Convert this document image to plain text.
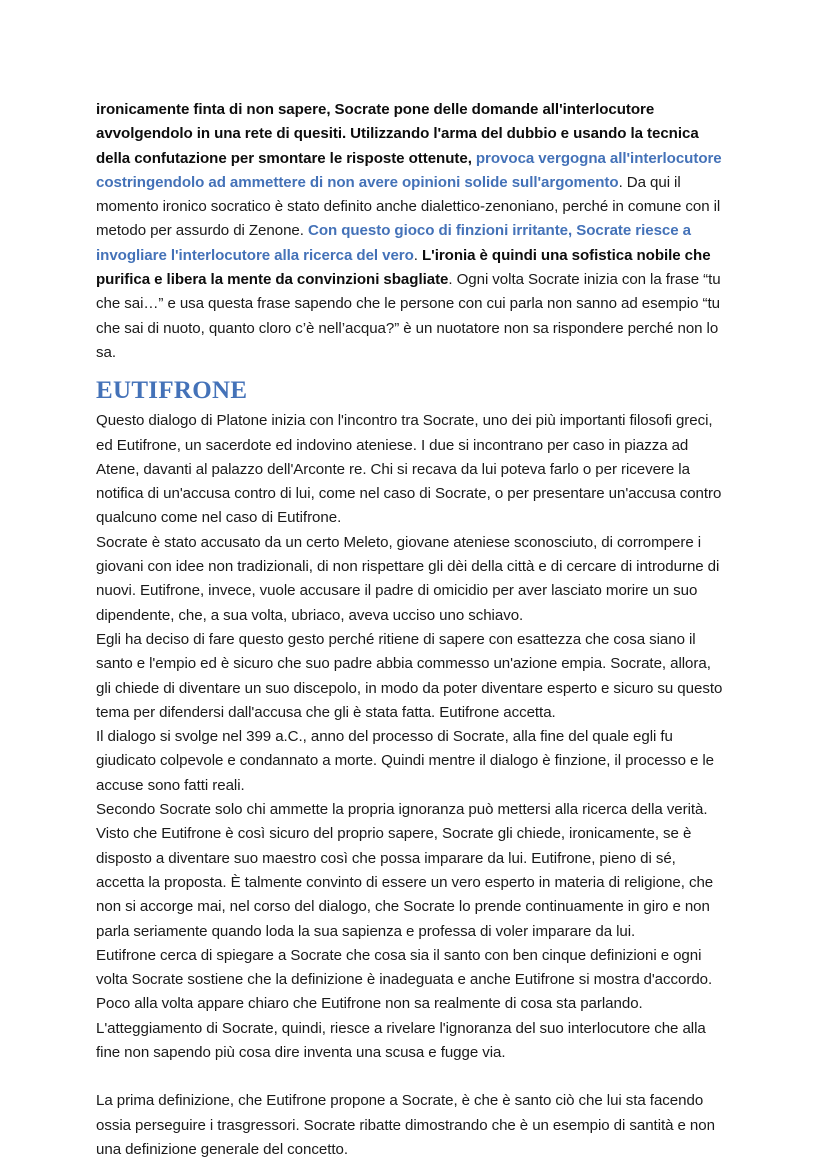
ironicamente finta di non sapere, Socrate pone delle domande all'interlocutore avvolgendolo in una rete di quesiti. Utilizzando l'arma del dubbio e usando la tecnica della confutazione per smontare le risposte ottenute, provoca vergogna all'interlocutore costringendolo ad ammettere di non avere opinioni solide sull'argomento. Da qui il momento ironico socratico è stato definito anche dialettico-zenoniano, perché in comune con il metodo per assurdo di Zenone. Con questo gioco di finzioni irritante, Socrate riesce a invogliare l'interlocutore alla ricerca del vero. L'ironia è quindi una sofistica nobile che purifica e libera la mente da convinzioni sbagliate. Ogni volta Socrate inizia con la frase “tu che sai…” e usa questa frase sapendo che le persone con cui parla non sanno ad esempio “tu che sai di nuoto, quanto cloro c’è nell’acqua?” è un nuotatore non sa rispondere perché non lo sa.

EUTIFRONE

Questo dialogo di Platone inizia con l'incontro tra Socrate, uno dei più importanti filosofi greci, ed Eutifrone, un sacerdote ed indovino ateniese. I due si incontrano per caso in piazza ad Atene, davanti al palazzo dell'Arconte re. Chi si recava da lui poteva farlo o per ricevere la notifica di un'accusa contro di lui, come nel caso di Socrate, o per presentare un'accusa contro qualcuno come nel caso di Eutifrone.

Socrate è stato accusato da un certo Meleto, giovane ateniese sconosciuto, di corrompere i giovani con idee non tradizionali, di non rispettare gli dèi della città e di cercare di introdurne di nuovi. Eutifrone, invece, vuole accusare il padre di omicidio per aver lasciato morire un suo dipendente, che, a sua volta, ubriaco, aveva ucciso uno schiavo.

Egli ha deciso di fare questo gesto perché ritiene di sapere con esattezza che cosa siano il santo e l'empio ed è sicuro che suo padre abbia commesso un'azione empia. Socrate, allora, gli chiede di diventare un suo discepolo, in modo da poter diventare esperto e sicuro su questo tema per difendersi dall'accusa che gli è stata fatta. Eutifrone accetta.

Il dialogo si svolge nel 399 a.C., anno del processo di Socrate, alla fine del quale egli fu giudicato colpevole e condannato a morte. Quindi mentre il dialogo è finzione, il processo e le accuse sono fatti reali.

Secondo Socrate solo chi ammette la propria ignoranza può mettersi alla ricerca della verità. Visto che Eutifrone è così sicuro del proprio sapere, Socrate gli chiede, ironicamente, se è disposto a diventare suo maestro così che possa imparare da lui. Eutifrone, pieno di sé, accetta la proposta. È talmente convinto di essere un vero esperto in materia di religione, che non si accorge mai, nel corso del dialogo, che Socrate lo prende continuamente in giro e non parla seriamente quando loda la sua sapienza e professa di voler imparare da lui.

Eutifrone cerca di spiegare a Socrate che cosa sia il santo con ben cinque definizioni e ogni volta Socrate sostiene che la definizione è inadeguata e anche Eutifrone si mostra d'accordo. Poco alla volta appare chiaro che Eutifrone non sa realmente di cosa sta parlando.

L'atteggiamento di Socrate, quindi, riesce a rivelare l'ignoranza del suo interlocutore che alla fine non sapendo più cosa dire inventa una scusa e fugge via.

La prima definizione, che Eutifrone propone a Socrate, è che è santo ciò che lui sta facendo ossia perseguire i trasgressori. Socrate ribatte dimostrando che è un esempio di santità e non una definizione generale del concetto.
